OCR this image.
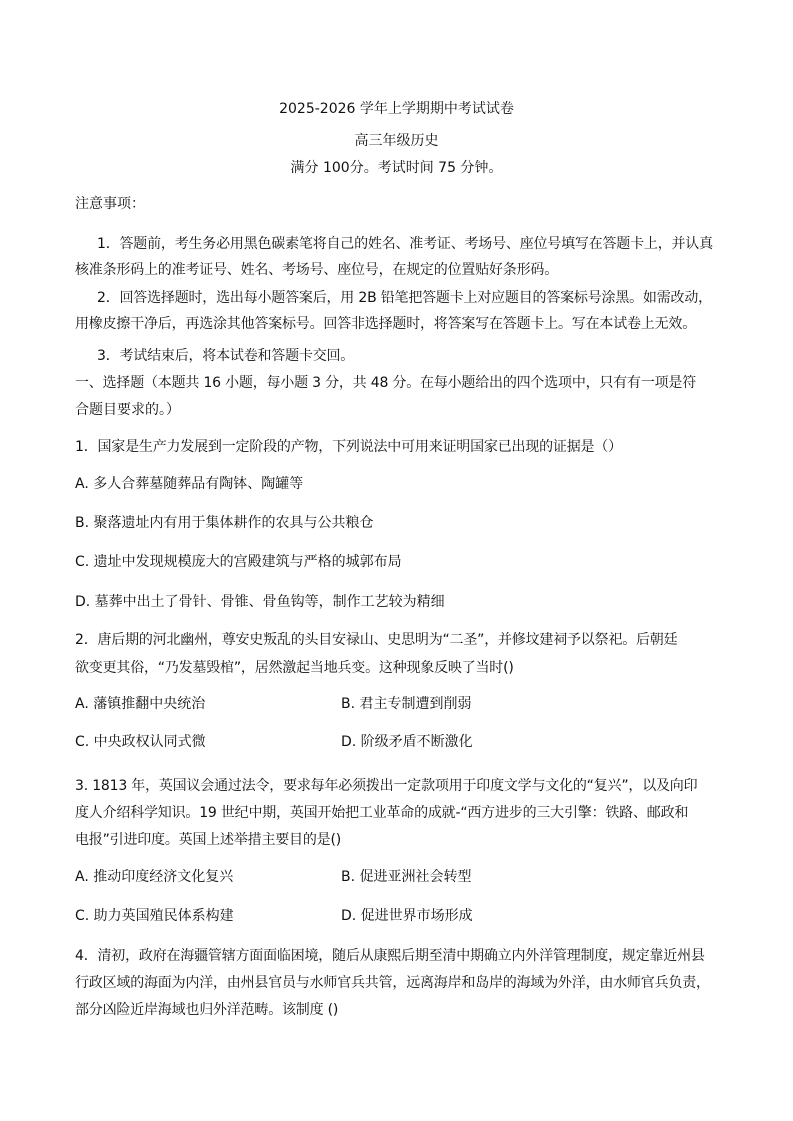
2025-2026 学年上学期期中考试试卷
高三年级历史
满分 100分。考试时间 75 分钟。
注意事项：
1．答题前，考生务必用黑色碳素笔将自己的姓名、准考证、考场号、座位号填写在答题卡上，并认真
核准条形码上的准考证号、姓名、考场号、座位号，在规定的位置贴好条形码。
2．回答选择题时，选出每小题答案后，用 2B 铅笔把答题卡上对应题目的答案标号涂黑。如需改动，
用橡皮擦干净后，再选涂其他答案标号。回答非选择题时，将答案写在答题卡上。写在本试卷上无效。
3．考试结束后，将本试卷和答题卡交回。
一、选择题（本题共 16 小题，每小题 3 分，共 48 分。在每小题给出的四个选项中，只有有一项是符
合题目要求的。）
1．国家是生产力发展到一定阶段的产物，下列说法中可用来证明国家已出现的证据是（）
A. 多人合葬墓随葬品有陶钵、陶罐等
B. 聚落遗址内有用于集体耕作的农具与公共粮仓
C. 遗址中发现规模庞大的宫殿建筑与严格的城郭布局
D. 墓葬中出土了骨针、骨锥、骨鱼钩等，制作工艺较为精细
2．唐后期的河北幽州，尊安史叛乱的头目安禄山、史思明为“二圣”，并修坟建祠予以祭祀。后朝廷
欲变更其俗，“乃发墓毁棺”，居然激起当地兵变。这种现象反映了当时()
A. 藩镇推翻中央统治	B. 君主专制遭到削弱
C. 中央政权认同式微	D. 阶级矛盾不断激化
3. 1813 年，英国议会通过法令，要求每年必须拨出一定款项用于印度文学与文化的“复兴”，以及向印
度人介绍科学知识。19 世纪中期，英国开始把工业革命的成就-“西方进步的三大引擎：铁路、邮政和
电报”引进印度。英国上述举措主要目的是()
A. 推动印度经济文化复兴	B. 促进亚洲社会转型
C. 助力英国殖民体系构建	D. 促进世界市场形成
4．清初，政府在海疆管辖方面面临困境，随后从康熙后期至清中期确立内外洋管理制度，规定靠近州县
行政区域的海面为内洋，由州县官员与水师官兵共管，远离海岸和岛岸的海域为外洋，由水师官兵负责，
部分凶险近岸海域也归外洋范畴。该制度 ()
